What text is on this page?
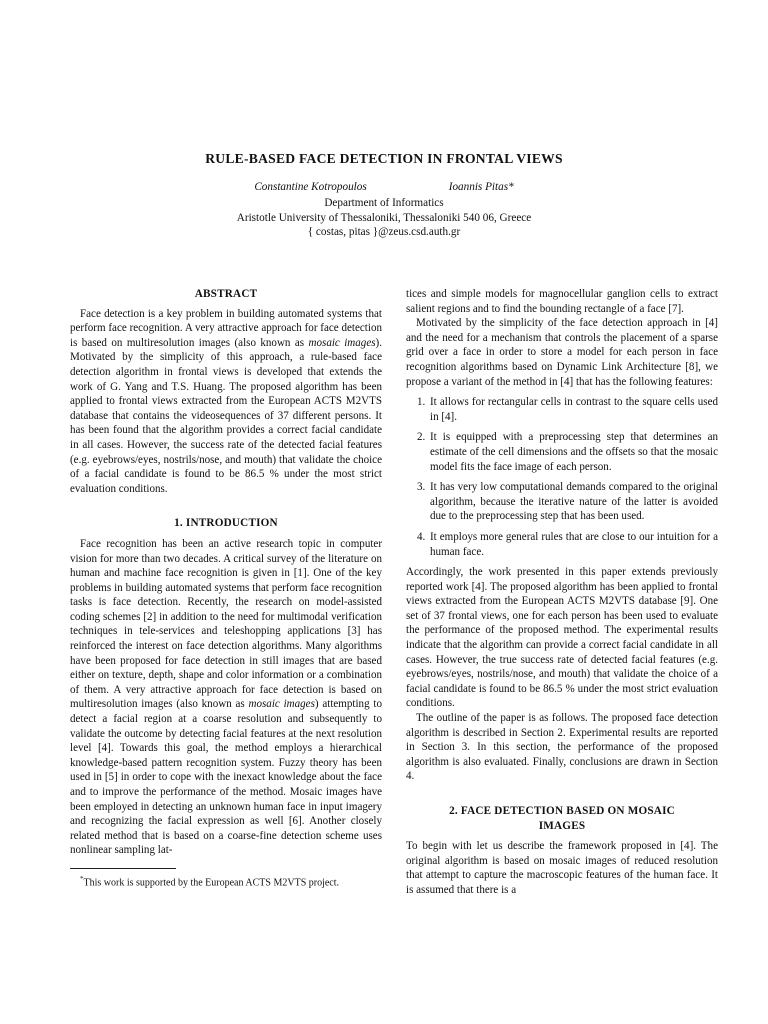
RULE-BASED FACE DETECTION IN FRONTAL VIEWS
Constantine Kotropoulos	Ioannis Pitas*
Department of Informatics
Aristotle University of Thessaloniki, Thessaloniki 540 06, Greece
{ costas, pitas }@zeus.csd.auth.gr
ABSTRACT

Face detection is a key problem in building automated systems that perform face recognition. A very attractive approach for face detection is based on multiresolution images (also known as mosaic images). Motivated by the simplicity of this approach, a rule-based face detection algorithm in frontal views is developed that extends the work of G. Yang and T.S. Huang. The proposed algorithm has been applied to frontal views extracted from the European ACTS M2VTS database that contains the videosequences of 37 different persons. It has been found that the algorithm provides a correct facial candidate in all cases. However, the success rate of the detected facial features (e.g. eyebrows/eyes, nostrils/nose, and mouth) that validate the choice of a facial candidate is found to be 86.5 % under the most strict evaluation conditions.

1. INTRODUCTION

Face recognition has been an active research topic in computer vision for more than two decades. A critical survey of the literature on human and machine face recognition is given in [1]. One of the key problems in building automated systems that perform face recognition tasks is face detection. Recently, the research on model-assisted coding schemes [2] in addition to the need for multimodal verification techniques in tele-services and teleshopping applications [3] has reinforced the interest on face detection algorithms. Many algorithms have been proposed for face detection in still images that are based either on texture, depth, shape and color information or a combination of them. A very attractive approach for face detection is based on multiresolution images (also known as mosaic images) attempting to detect a facial region at a coarse resolution and subsequently to validate the outcome by detecting facial features at the next resolution level [4]. Towards this goal, the method employs a hierarchical knowledge-based pattern recognition system. Fuzzy theory has been used in [5] in order to cope with the inexact knowledge about the face and to improve the performance of the method. Mosaic images have been employed in detecting an unknown human face in input imagery and recognizing the facial expression as well [6]. Another closely related method that is based on a coarse-fine detection scheme uses nonlinear sampling lat-

*This work is supported by the European ACTS M2VTS project.

tices and simple models for magnocellular ganglion cells to extract salient regions and to find the bounding rectangle of a face [7].

Motivated by the simplicity of the face detection approach in [4] and the need for a mechanism that controls the placement of a sparse grid over a face in order to store a model for each person in face recognition algorithms based on Dynamic Link Architecture [8], we propose a variant of the method in [4] that has the following features:

1. It allows for rectangular cells in contrast to the square cells used in [4].
2. It is equipped with a preprocessing step that determines an estimate of the cell dimensions and the offsets so that the mosaic model fits the face image of each person.
3. It has very low computational demands compared to the original algorithm, because the iterative nature of the latter is avoided due to the preprocessing step that has been used.
4. It employs more general rules that are close to our intuition for a human face.

Accordingly, the work presented in this paper extends previously reported work [4]. The proposed algorithm has been applied to frontal views extracted from the European ACTS M2VTS database [9]. One set of 37 frontal views, one for each person has been used to evaluate the performance of the proposed method. The experimental results indicate that the algorithm can provide a correct facial candidate in all cases. However, the true success rate of detected facial features (e.g. eyebrows/eyes, nostrils/nose, and mouth) that validate the choice of a facial candidate is found to be 86.5 % under the most strict evaluation conditions.

The outline of the paper is as follows. The proposed face detection algorithm is described in Section 2. Experimental results are reported in Section 3. In this section, the performance of the proposed algorithm is also evaluated. Finally, conclusions are drawn in Section 4.

2. FACE DETECTION BASED ON MOSAIC
IMAGES

To begin with let us describe the framework proposed in [4]. The original algorithm is based on mosaic images of reduced resolution that attempt to capture the macroscopic features of the human face. It is assumed that there is a
